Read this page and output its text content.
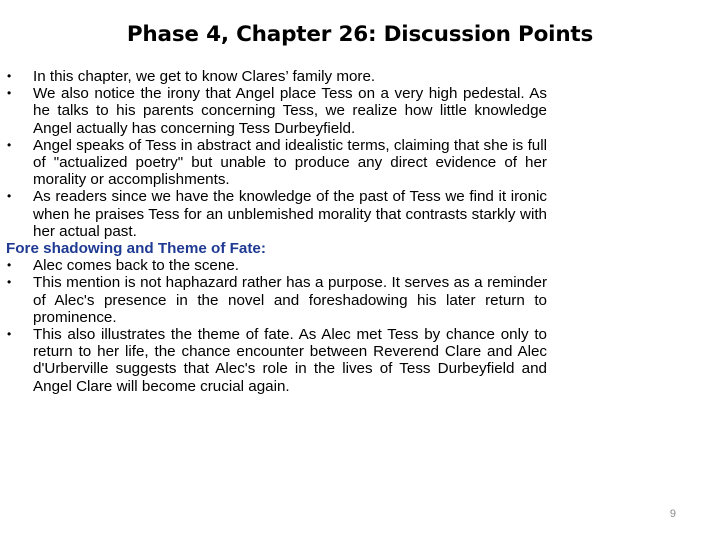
Phase 4, Chapter 26: Discussion Points
•	In this chapter, we get to know Clares’ family more.
•	We also notice the irony that Angel place Tess on a very high pedestal. As he talks to his parents concerning Tess, we realize how little knowledge Angel actually has concerning Tess Durbeyfield.
•	Angel speaks of Tess in abstract and idealistic terms, claiming that she is full of "actualized poetry" but unable to produce any direct evidence of her morality or accomplishments.
•	As readers since we have the knowledge of the past of Tess we find it ironic when he praises Tess for an unblemished morality that contrasts starkly with her actual past.
Fore shadowing and Theme of Fate:
•	Alec comes back to the scene.
•	This mention is not haphazard rather has a purpose. It serves as a reminder of Alec's presence in the novel and foreshadowing his later return to prominence.
•	This also illustrates the theme of fate. As Alec met Tess by chance only to return to her life, the chance encounter between Reverend Clare and Alec d'Urberville suggests that Alec's role in the lives of Tess Durbeyfield and Angel Clare will become crucial again.
9
